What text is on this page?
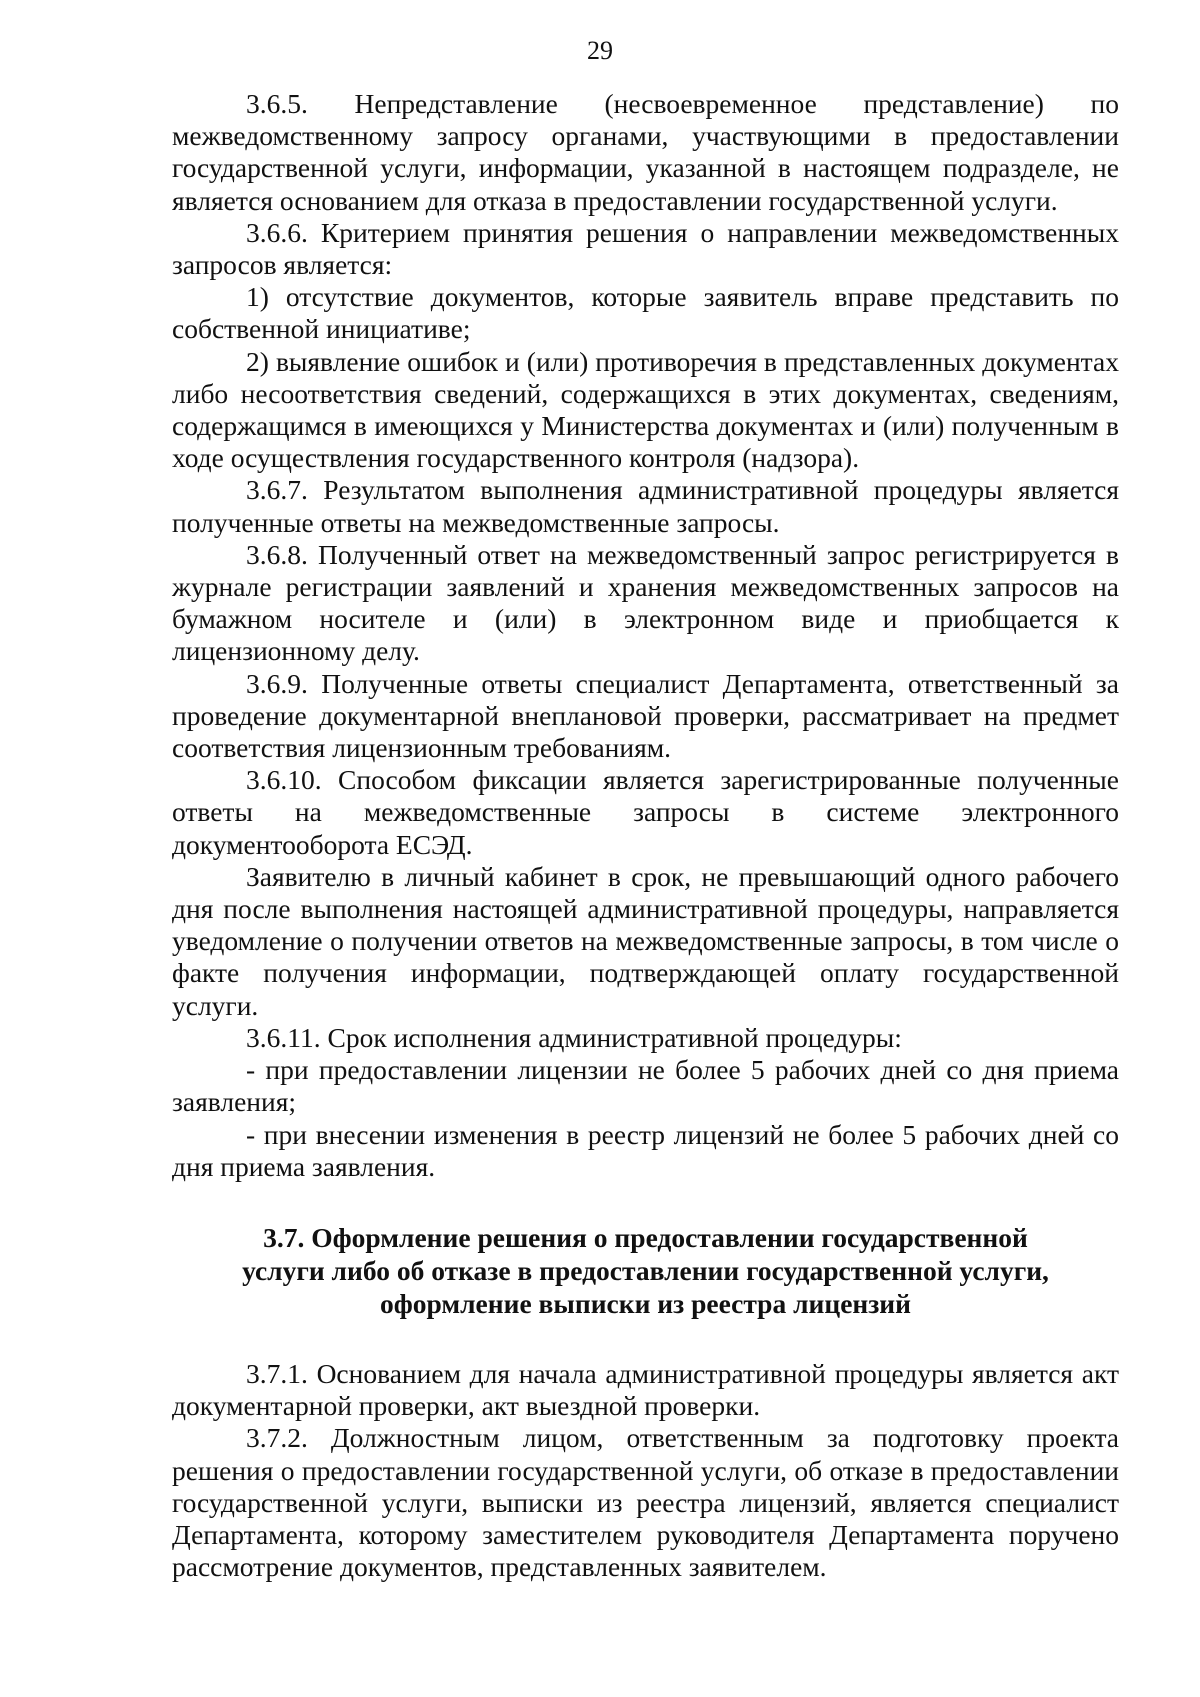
29

3.6.5. Непредставление (несвоевременное представление) по межведомственному запросу органами, участвующими в предоставлении государственной услуги, информации, указанной в настоящем подразделе, не является основанием для отказа в предоставлении государственной услуги.

3.6.6. Критерием принятия решения о направлении межведомственных запросов является:

1) отсутствие документов, которые заявитель вправе представить по собственной инициативе;

2) выявление ошибок и (или) противоречия в представленных документах либо несоответствия сведений, содержащихся в этих документах, сведениям, содержащимся в имеющихся у Министерства документах и (или) полученным в ходе осуществления государственного контроля (надзора).

3.6.7. Результатом выполнения административной процедуры является полученные ответы на межведомственные запросы.

3.6.8. Полученный ответ на межведомственный запрос регистрируется в журнале регистрации заявлений и хранения межведомственных запросов на бумажном носителе и (или) в электронном виде и приобщается к лицензионному делу.

3.6.9. Полученные ответы специалист Департамента, ответственный за проведение документарной внеплановой проверки, рассматривает на предмет соответствия лицензионным требованиям.

3.6.10. Способом фиксации является зарегистрированные полученные ответы на межведомственные запросы в системе электронного документооборота ЕСЭД.

Заявителю в личный кабинет в срок, не превышающий одного рабочего дня после выполнения настоящей административной процедуры, направляется уведомление о получении ответов на межведомственные запросы, в том числе о факте получения информации, подтверждающей оплату государственной услуги.

3.6.11. Срок исполнения административной процедуры:

- при предоставлении лицензии не более 5 рабочих дней со дня приема заявления;

- при внесении изменения в реестр лицензий не более 5 рабочих дней со дня приема заявления.

3.7. Оформление решения о предоставлении государственной
услуги либо об отказе в предоставлении государственной услуги,
оформление выписки из реестра лицензий

3.7.1. Основанием для начала административной процедуры является акт документарной проверки, акт выездной проверки.

3.7.2. Должностным лицом, ответственным за подготовку проекта решения о предоставлении государственной услуги, об отказе в предоставлении государственной услуги, выписки из реестра лицензий, является специалист Департамента, которому заместителем руководителя Департамента поручено рассмотрение документов, представленных заявителем.
